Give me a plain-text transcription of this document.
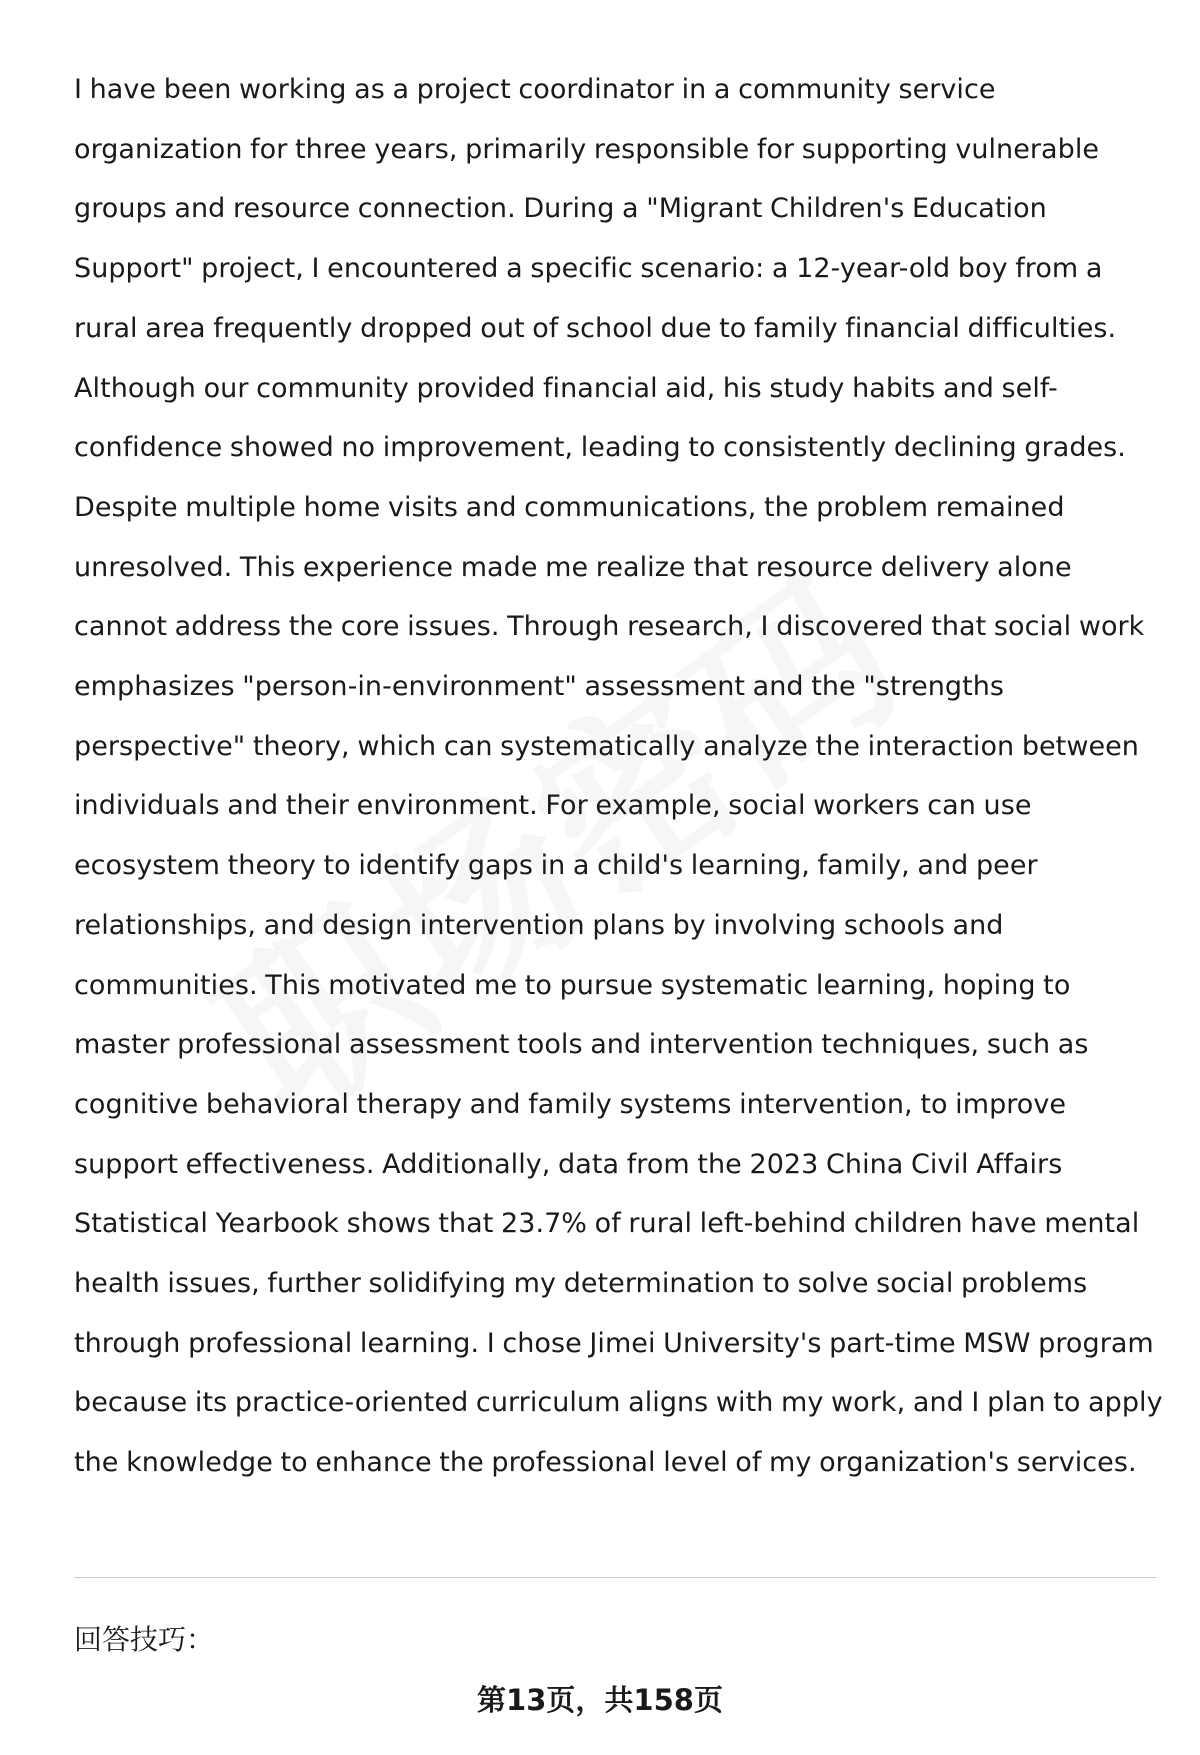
I have been working as a project coordinator in a community service organization for three years, primarily responsible for supporting vulnerable groups and resource connection. During a "Migrant Children's Education Support" project, I encountered a specific scenario: a 12-year-old boy from a rural area frequently dropped out of school due to family financial difficulties. Although our community provided financial aid, his study habits and self-confidence showed no improvement, leading to consistently declining grades. Despite multiple home visits and communications, the problem remained unresolved. This experience made me realize that resource delivery alone cannot address the core issues. Through research, I discovered that social work emphasizes "person-in-environment" assessment and the "strengths perspective" theory, which can systematically analyze the interaction between individuals and their environment. For example, social workers can use ecosystem theory to identify gaps in a child's learning, family, and peer relationships, and design intervention plans by involving schools and communities. This motivated me to pursue systematic learning, hoping to master professional assessment tools and intervention techniques, such as cognitive behavioral therapy and family systems intervention, to improve support effectiveness. Additionally, data from the 2023 China Civil Affairs Statistical Yearbook shows that 23.7% of rural left-behind children have mental health issues, further solidifying my determination to solve social problems through professional learning. I chose Jimei University's part-time MSW program because its practice-oriented curriculum aligns with my work, and I plan to apply the knowledge to enhance the professional level of my organization's services.

回答技巧：
第13页，共158页
